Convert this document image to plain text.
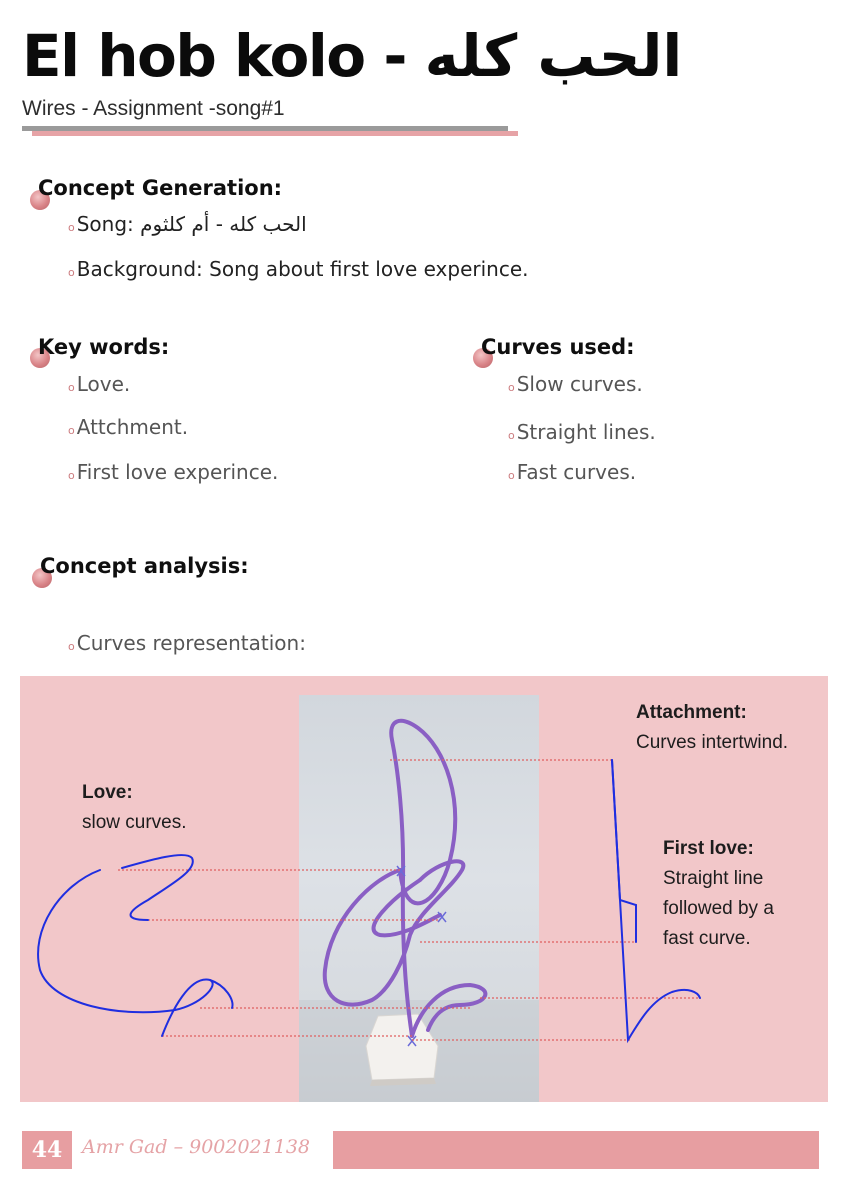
El hob kolo - الحب كله
Wires - Assignment -song#1
Concept Generation:
o Song: الحب كله - أم كلثوم
o Background: Song about first love experince.
Key words:
o Love.
o Attchment.
o First love experince.
Curves used:
o Slow curves.
o Straight lines.
o Fast curves.
Concept analysis:
o Curves representation:
Love:
slow curves.
Attachment:
Curves intertwind.
First love:
Straight line
followed by a
fast curve.
44	Amr Gad – 9002021138
